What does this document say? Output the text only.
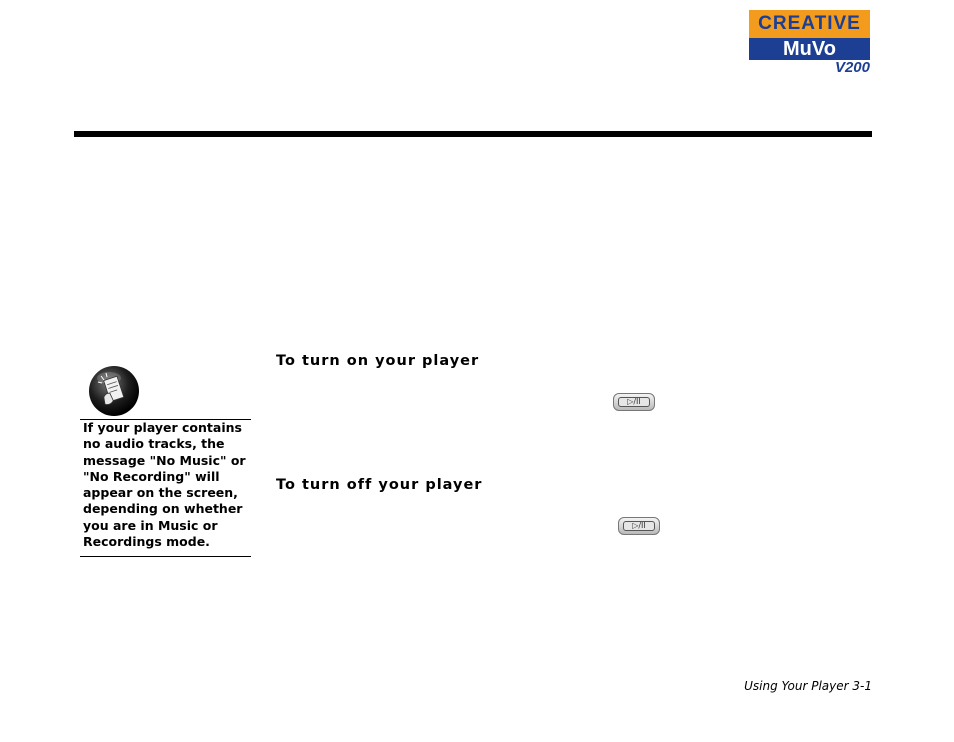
CREATIVE
MuVo
V200
If your player contains no audio tracks, the message "No Music" or "No Recording" will appear on the screen, depending on whether you are in Music or Recordings mode.
To turn on your player
▷/II
To turn off your player
▷/II
Using Your Player 3-1
